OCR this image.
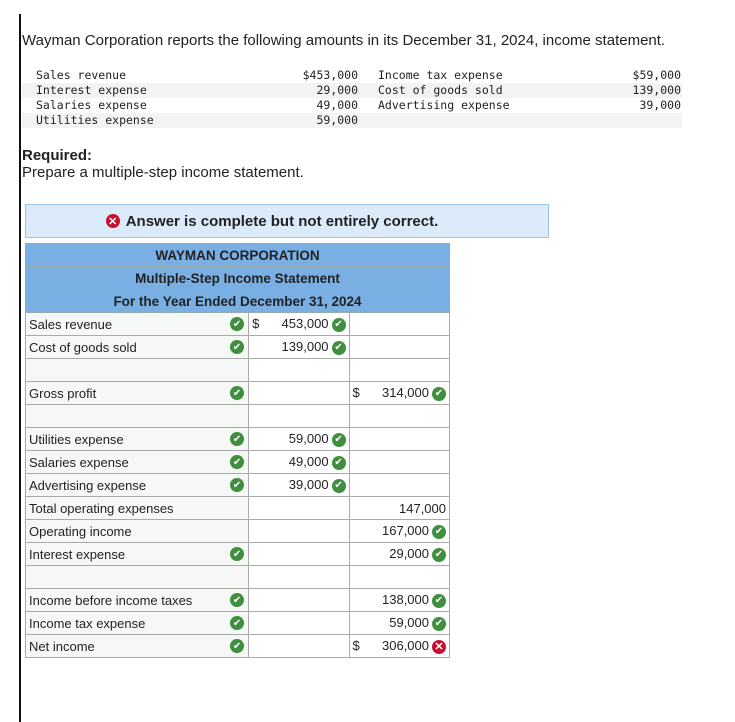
Wayman Corporation reports the following amounts in its December 31, 2024, income statement.
Sales revenue	$453,000	Income tax expense	$59,000
Interest expense	29,000	Cost of goods sold	139,000
Salaries expense	49,000	Advertising expense	39,000
Utilities expense	59,000
Required:
Prepare a multiple-step income statement.
✕ Answer is complete but not entirely correct.
WAYMAN CORPORATION		
Multiple-Step Income Statement		
For the Year Ended December 31, 2024		
Sales revenue ✔	$ 453,000 ✔	

Cost of goods sold ✔	139,000 ✔	

Gross profit ✔		$ 314,000 ✔

Utilities expense ✔	59,000 ✔	

Salaries expense ✔	49,000 ✔	

Advertising expense ✔	39,000 ✔	

Total operating expenses		147,000
Operating income		167,000 ✔
Interest expense ✔		29,000 ✔

Income before income taxes ✔		138,000 ✔
Income tax expense ✔		59,000 ✔
Net income ✔		$ 306,000 ✕
